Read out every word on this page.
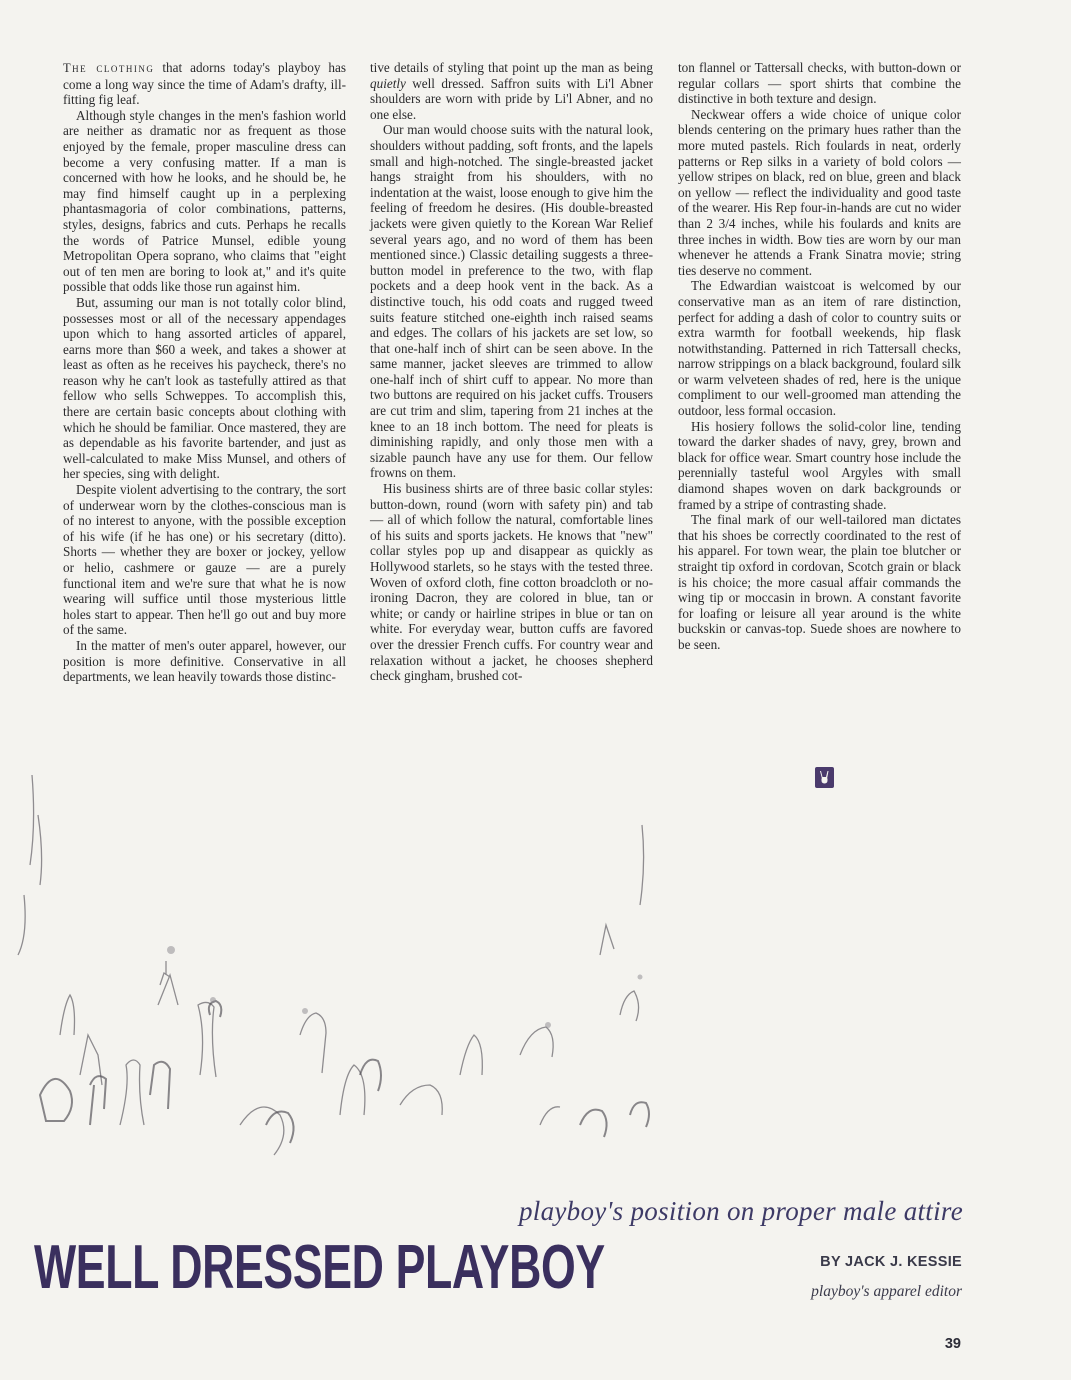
The clothing that adorns today's playboy has come a long way since the time of Adam's drafty, ill-fitting fig leaf.

Although style changes in the men's fashion world are neither as dramatic nor as frequent as those enjoyed by the female, proper masculine dress can become a very confusing matter. If a man is concerned with how he looks, and he should be, he may find himself caught up in a perplexing phantasmagoria of color combinations, patterns, styles, designs, fabrics and cuts. Perhaps he recalls the words of Patrice Munsel, edible young Metropolitan Opera soprano, who claims that "eight out of ten men are boring to look at," and it's quite possible that odds like those run against him.

But, assuming our man is not totally color blind, possesses most or all of the necessary appendages upon which to hang assorted articles of apparel, earns more than $60 a week, and takes a shower at least as often as he receives his paycheck, there's no reason why he can't look as tastefully attired as that fellow who sells Schweppes. To accomplish this, there are certain basic concepts about clothing with which he should be familiar. Once mastered, they are as dependable as his favorite bartender, and just as well-calculated to make Miss Munsel, and others of her species, sing with delight.

Despite violent advertising to the contrary, the sort of underwear worn by the clothes-conscious man is of no interest to anyone, with the possible exception of his wife (if he has one) or his secretary (ditto). Shorts — whether they are boxer or jockey, yellow or helio, cashmere or gauze — are a purely functional item and we're sure that what he is now wearing will suffice until those mysterious little holes start to appear. Then he'll go out and buy more of the same.

In the matter of men's outer apparel, however, our position is more definitive. Conservative in all departments, we lean heavily towards those distinc-

tive details of styling that point up the man as being quietly well dressed. Saffron suits with Li'l Abner shoulders are worn with pride by Li'l Abner, and no one else.

Our man would choose suits with the natural look, shoulders without padding, soft fronts, and the lapels small and high-notched. The single-breasted jacket hangs straight from his shoulders, with no indentation at the waist, loose enough to give him the feeling of freedom he desires. (His double-breasted jackets were given quietly to the Korean War Relief several years ago, and no word of them has been mentioned since.) Classic detailing suggests a three-button model in preference to the two, with flap pockets and a deep hook vent in the back. As a distinctive touch, his odd coats and rugged tweed suits feature stitched one-eighth inch raised seams and edges. The collars of his jackets are set low, so that one-half inch of shirt can be seen above. In the same manner, jacket sleeves are trimmed to allow one-half inch of shirt cuff to appear. No more than two buttons are required on his jacket cuffs. Trousers are cut trim and slim, tapering from 21 inches at the knee to an 18 inch bottom. The need for pleats is diminishing rapidly, and only those men with a sizable paunch have any use for them. Our fellow frowns on them.

His business shirts are of three basic collar styles: button-down, round (worn with safety pin) and tab — all of which follow the natural, comfortable lines of his suits and sports jackets. He knows that "new" collar styles pop up and disappear as quickly as Hollywood starlets, so he stays with the tested three. Woven of oxford cloth, fine cotton broadcloth or no-ironing Dacron, they are colored in blue, tan or white; or candy or hairline stripes in blue or tan on white. For everyday wear, button cuffs are favored over the dressier French cuffs. For country wear and relaxation without a jacket, he chooses shepherd check gingham, brushed cot-

ton flannel or Tattersall checks, with button-down or regular collars — sport shirts that combine the distinctive in both texture and design.

Neckwear offers a wide choice of unique color blends centering on the primary hues rather than the more muted pastels. Rich foulards in neat, orderly patterns or Rep silks in a variety of bold colors — yellow stripes on black, red on blue, green and black on yellow — reflect the individuality and good taste of the wearer. His Rep four-in-hands are cut no wider than 2 3/4 inches, while his foulards and knits are three inches in width. Bow ties are worn by our man whenever he attends a Frank Sinatra movie; string ties deserve no comment.

The Edwardian waistcoat is welcomed by our conservative man as an item of rare distinction, perfect for adding a dash of color to country suits or extra warmth for football weekends, hip flask notwithstanding. Patterned in rich Tattersall checks, narrow strippings on a black background, foulard silk or warm velveteen shades of red, here is the unique compliment to our well-groomed man attending the outdoor, less formal occasion.

His hosiery follows the solid-color line, tending toward the darker shades of navy, grey, brown and black for office wear. Smart country hose include the perennially tasteful wool Argyles with small diamond shapes woven on dark backgrounds or framed by a stripe of contrasting shade.

The final mark of our well-tailored man dictates that his shoes be correctly coordinated to the rest of his apparel. For town wear, the plain toe blutcher or straight tip oxford in cordovan, Scotch grain or black is his choice; the more casual affair commands the wing tip or moccasin in brown. A constant favorite for loafing or leisure all year around is the white buckskin or canvas-top. Suede shoes are nowhere to be seen.

playboy's position on proper male attire
WELL DRESSED PLAYBOY	BY JACK J. KESSIE
playboy's apparel editor
39
